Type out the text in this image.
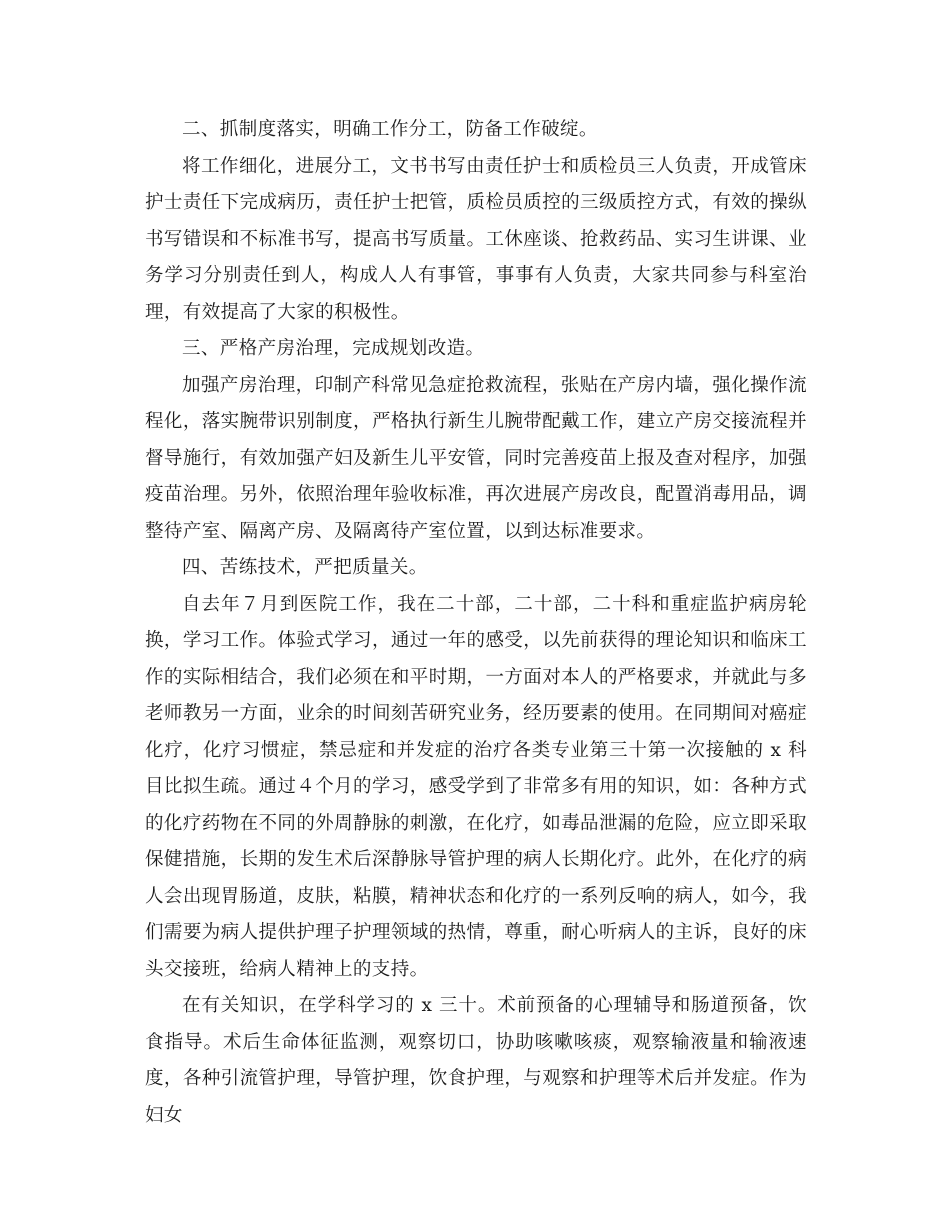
二、抓制度落实，明确工作分工，防备工作破绽。

将工作细化，进展分工，文书书写由责任护士和质检员三人负责，开成管床护士责任下完成病历，责任护士把管，质检员质控的三级质控方式，有效的操纵书写错误和不标准书写，提高书写质量。工休座谈、抢救药品、实习生讲课、业务学习分别责任到人，构成人人有事管，事事有人负责，大家共同参与科室治理，有效提高了大家的积极性。

三、严格产房治理，完成规划改造。

加强产房治理，印制产科常见急症抢救流程，张贴在产房内墙，强化操作流程化，落实腕带识别制度，严格执行新生儿腕带配戴工作，建立产房交接流程并督导施行，有效加强产妇及新生儿平安管，同时完善疫苗上报及查对程序，加强疫苗治理。另外，依照治理年验收标准，再次进展产房改良，配置消毒用品，调整待产室、隔离产房、及隔离待产室位置，以到达标准要求。

四、苦练技术，严把质量关。

自去年７月到医院工作，我在二十部，二十部，二十科和重症监护病房轮换，学习工作。体验式学习，通过一年的感受，以先前获得的理论知识和临床工作的实际相结合，我们必须在和平时期，一方面对本人的严格要求，并就此与多老师教另一方面，业余的时间刻苦研究业务，经历要素的使用。在同期间对癌症化疗，化疗习惯症，禁忌症和并发症的治疗各类专业第三十第一次接触的 x 科目比拟生疏。通过４个月的学习，感受学到了非常多有用的知识，如：各种方式的化疗药物在不同的外周静脉的刺激，在化疗，如毒品泄漏的危险，应立即采取保健措施，长期的发生术后深静脉导管护理的病人长期化疗。此外，在化疗的病人会出现胃肠道，皮肤，粘膜，精神状态和化疗的一系列反响的病人，如今，我们需要为病人提供护理子护理领域的热情，尊重，耐心听病人的主诉，良好的床头交接班，给病人精神上的支持。

在有关知识，在学科学习的 x 三十。术前预备的心理辅导和肠道预备，饮食指导。术后生命体征监测，观察切口，协助咳嗽咳痰，观察输液量和输液速度，各种引流管护理，导管护理，饮食护理，与观察和护理等术后并发症。作为妇女
